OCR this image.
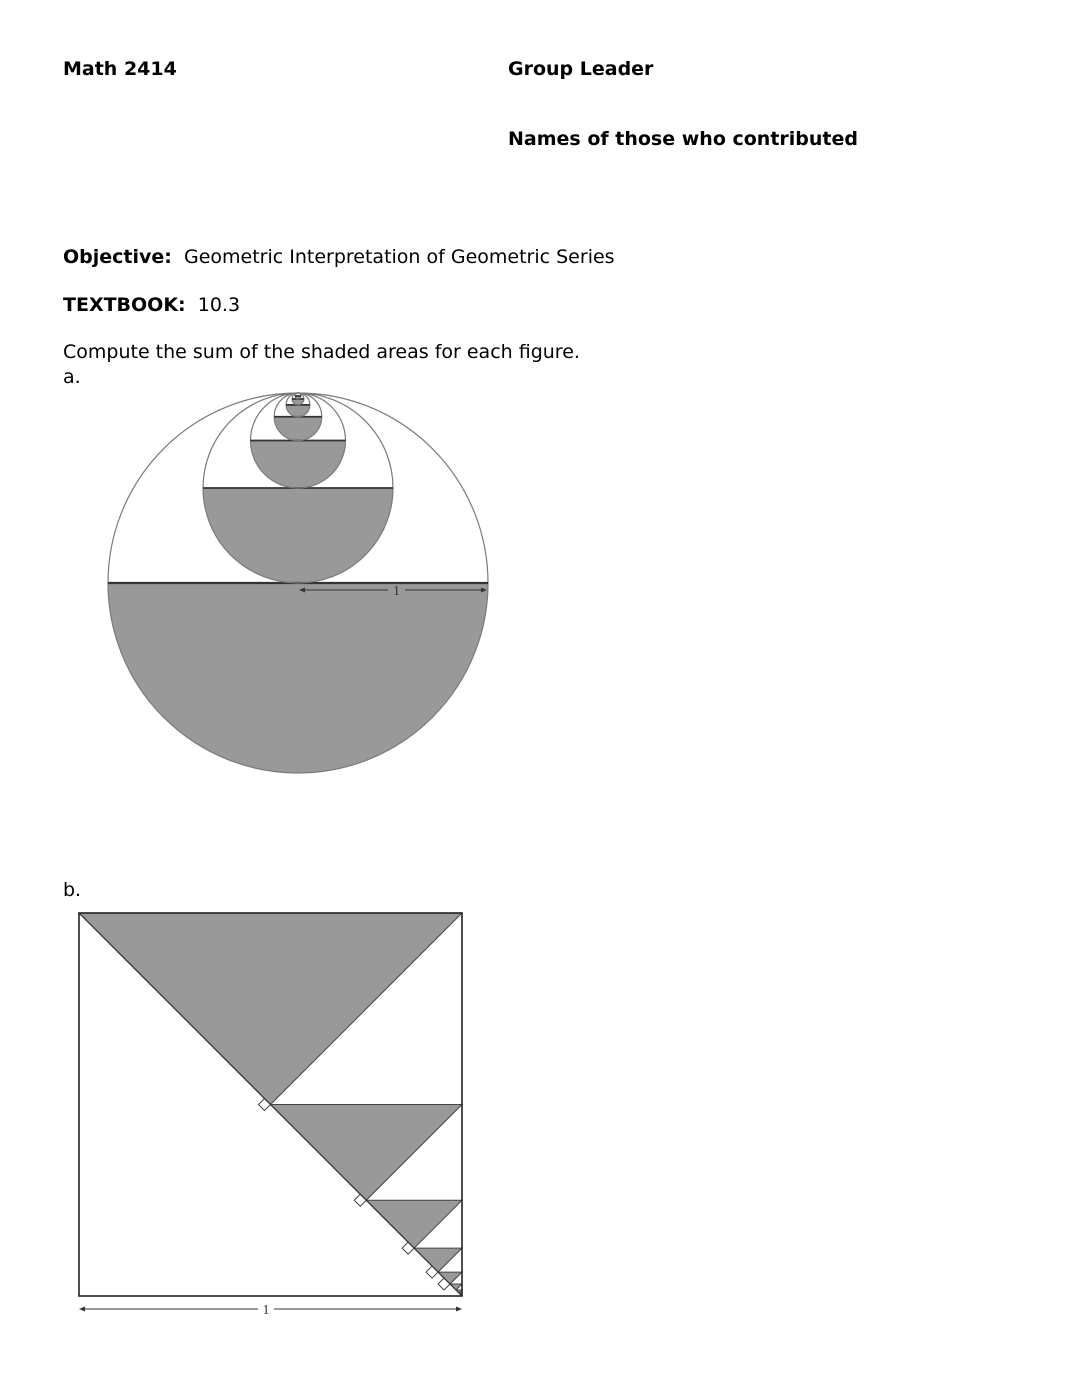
Math 2414	Group Leader
Names of those who contributed
Objective: Geometric Interpretation of Geometric Series
TEXTBOOK: 10.3
Compute the sum of the shaded areas for each figure.
a.
1
b.
1
